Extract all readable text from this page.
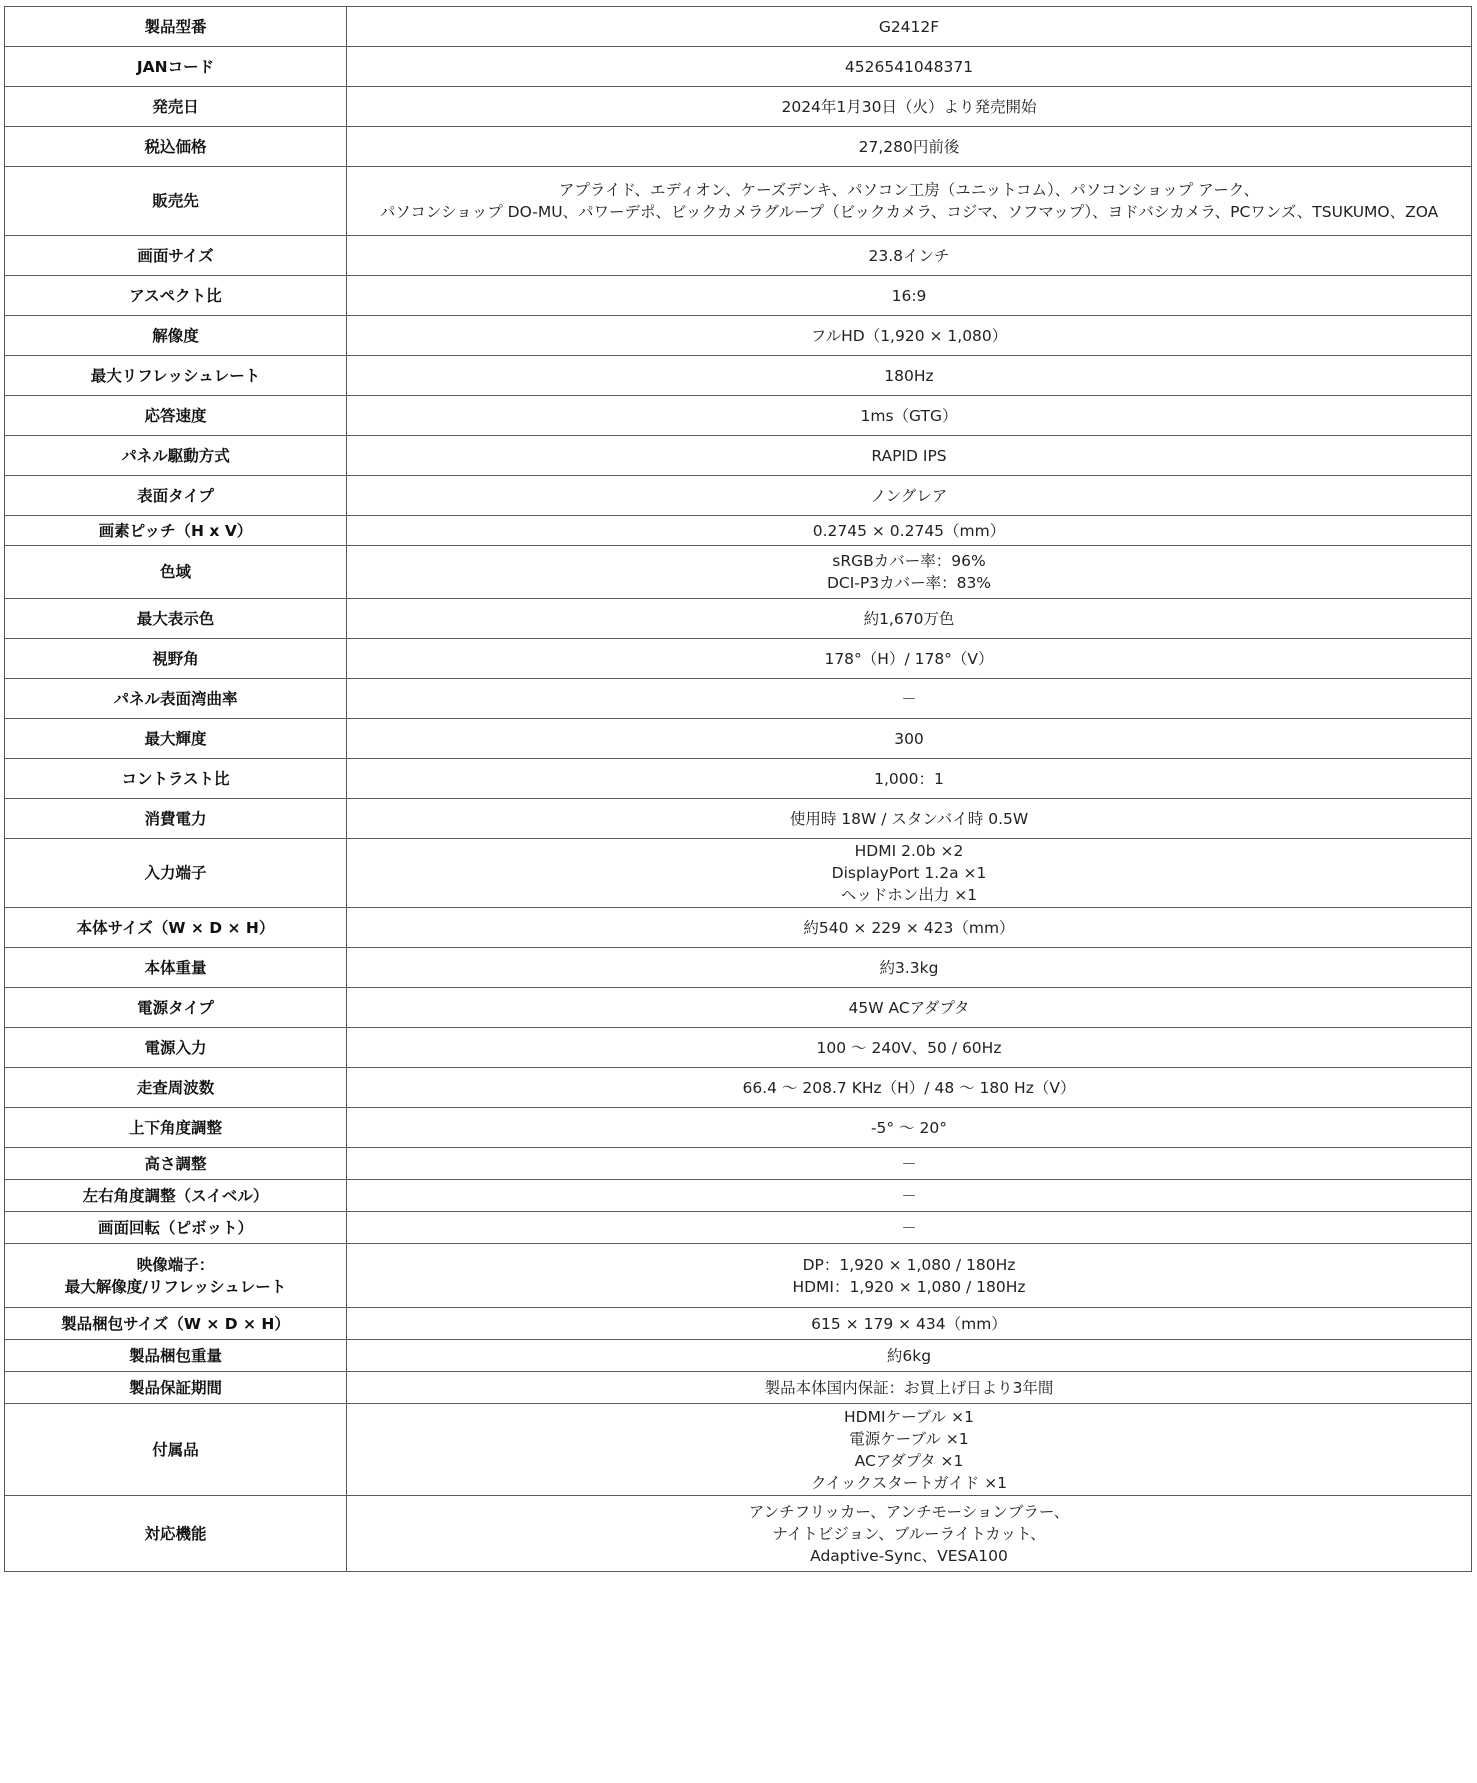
製品型番	G2412F

JANコード	4526541048371

発売日	2024年1月30日（火）より発売開始

税込価格	27,280円前後

販売先	アプライド、エディオン、ケーズデンキ、パソコン工房（ユニットコム）、パソコンショップ アーク、
パソコンショップ DO-MU、パワーデポ、ビックカメラグループ（ビックカメラ、コジマ、ソフマップ）、ヨドバシカメラ、PCワンズ、TSUKUMO、ZOA

画面サイズ	23.8インチ

アスペクト比	16:9

解像度	フルHD（1,920 × 1,080）

最大リフレッシュレート	180Hz

応答速度	1ms（GTG）

パネル駆動方式	RAPID IPS

表面タイプ	ノングレア

画素ピッチ（H x V）	0.2745 × 0.2745（mm）

色域	sRGBカバー率：96%
DCI-P3カバー率：83%

最大表示色	約1,670万色

視野角	178°（H）/ 178°（V）

パネル表面湾曲率	－

最大輝度	300

コントラスト比	1,000：1

消費電力	使用時 18W / スタンバイ時 0.5W

入力端子	HDMI 2.0b ×2
DisplayPort 1.2a ×1
ヘッドホン出力 ×1

本体サイズ（W × D × H）	約540 × 229 × 423（mm）

本体重量	約3.3kg

電源タイプ	45W ACアダプタ

電源入力	100 ～ 240V、50 / 60Hz

走査周波数	66.4 ～ 208.7 KHz（H）/ 48 ～ 180 Hz（V）

上下角度調整	-5° ～ 20°

高さ調整	－

左右角度調整（スイベル）	－

画面回転（ピボット）	－

映像端子：
最大解像度/リフレッシュレート	DP：1,920 × 1,080 / 180Hz
HDMI：1,920 × 1,080 / 180Hz

製品梱包サイズ（W × D × H）	615 × 179 × 434（mm）

製品梱包重量	約6kg

製品保証期間	製品本体国内保証：お買上げ日より3年間

付属品	HDMIケーブル ×1
電源ケーブル ×1
ACアダプタ ×1
クイックスタートガイド ×1

対応機能	アンチフリッカー、アンチモーションブラー、
ナイトビジョン、ブルーライトカット、
Adaptive-Sync、VESA100
